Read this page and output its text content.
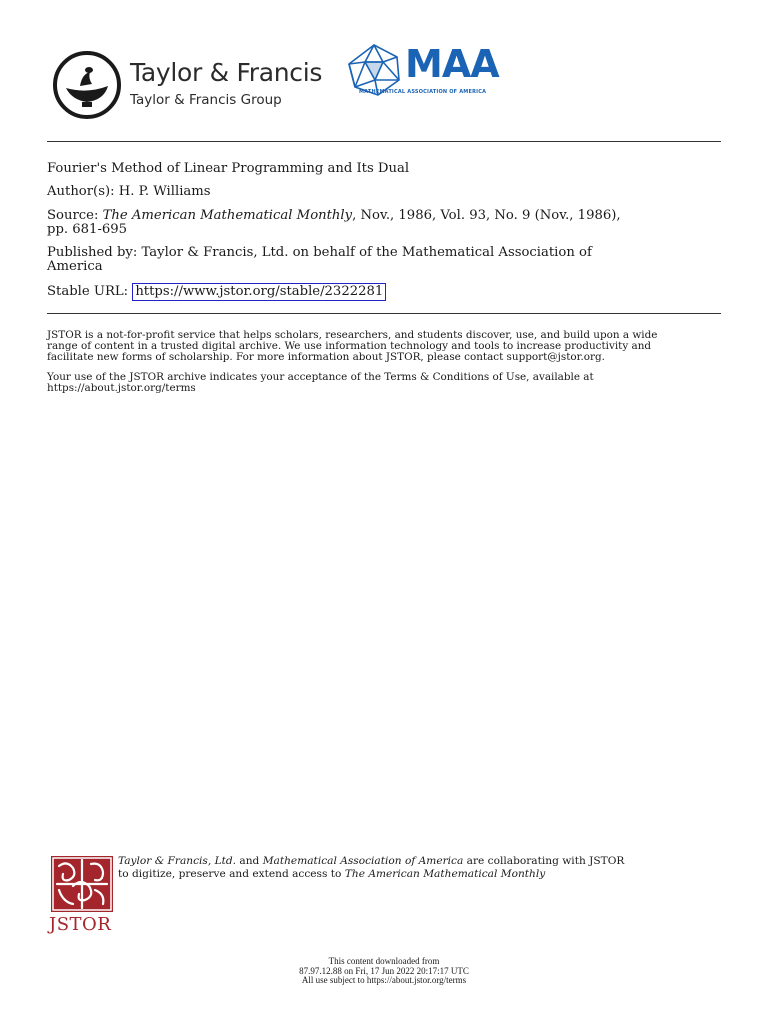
Taylor & Francis
Taylor & Francis Group
MAA
MATHEMATICAL ASSOCIATION OF AMERICA
Fourier's Method of Linear Programming and Its Dual
Author(s): H. P. Williams
Source: The American Mathematical Monthly, Nov., 1986, Vol. 93, No. 9 (Nov., 1986),
pp. 681-695
Published by: Taylor & Francis, Ltd. on behalf of the Mathematical Association of
America
Stable URL: https://www.jstor.org/stable/2322281
JSTOR is a not-for-profit service that helps scholars, researchers, and students discover, use, and build upon a wide
range of content in a trusted digital archive. We use information technology and tools to increase productivity and
facilitate new forms of scholarship. For more information about JSTOR, please contact support@jstor.org.
Your use of the JSTOR archive indicates your acceptance of the Terms & Conditions of Use, available at
https://about.jstor.org/terms
JSTOR
Taylor & Francis, Ltd. and Mathematical Association of America are collaborating with JSTOR
to digitize, preserve and extend access to The American Mathematical Monthly
This content downloaded from
87.97.12.88 on Fri, 17 Jun 2022 20:17:17 UTC
All use subject to https://about.jstor.org/terms
